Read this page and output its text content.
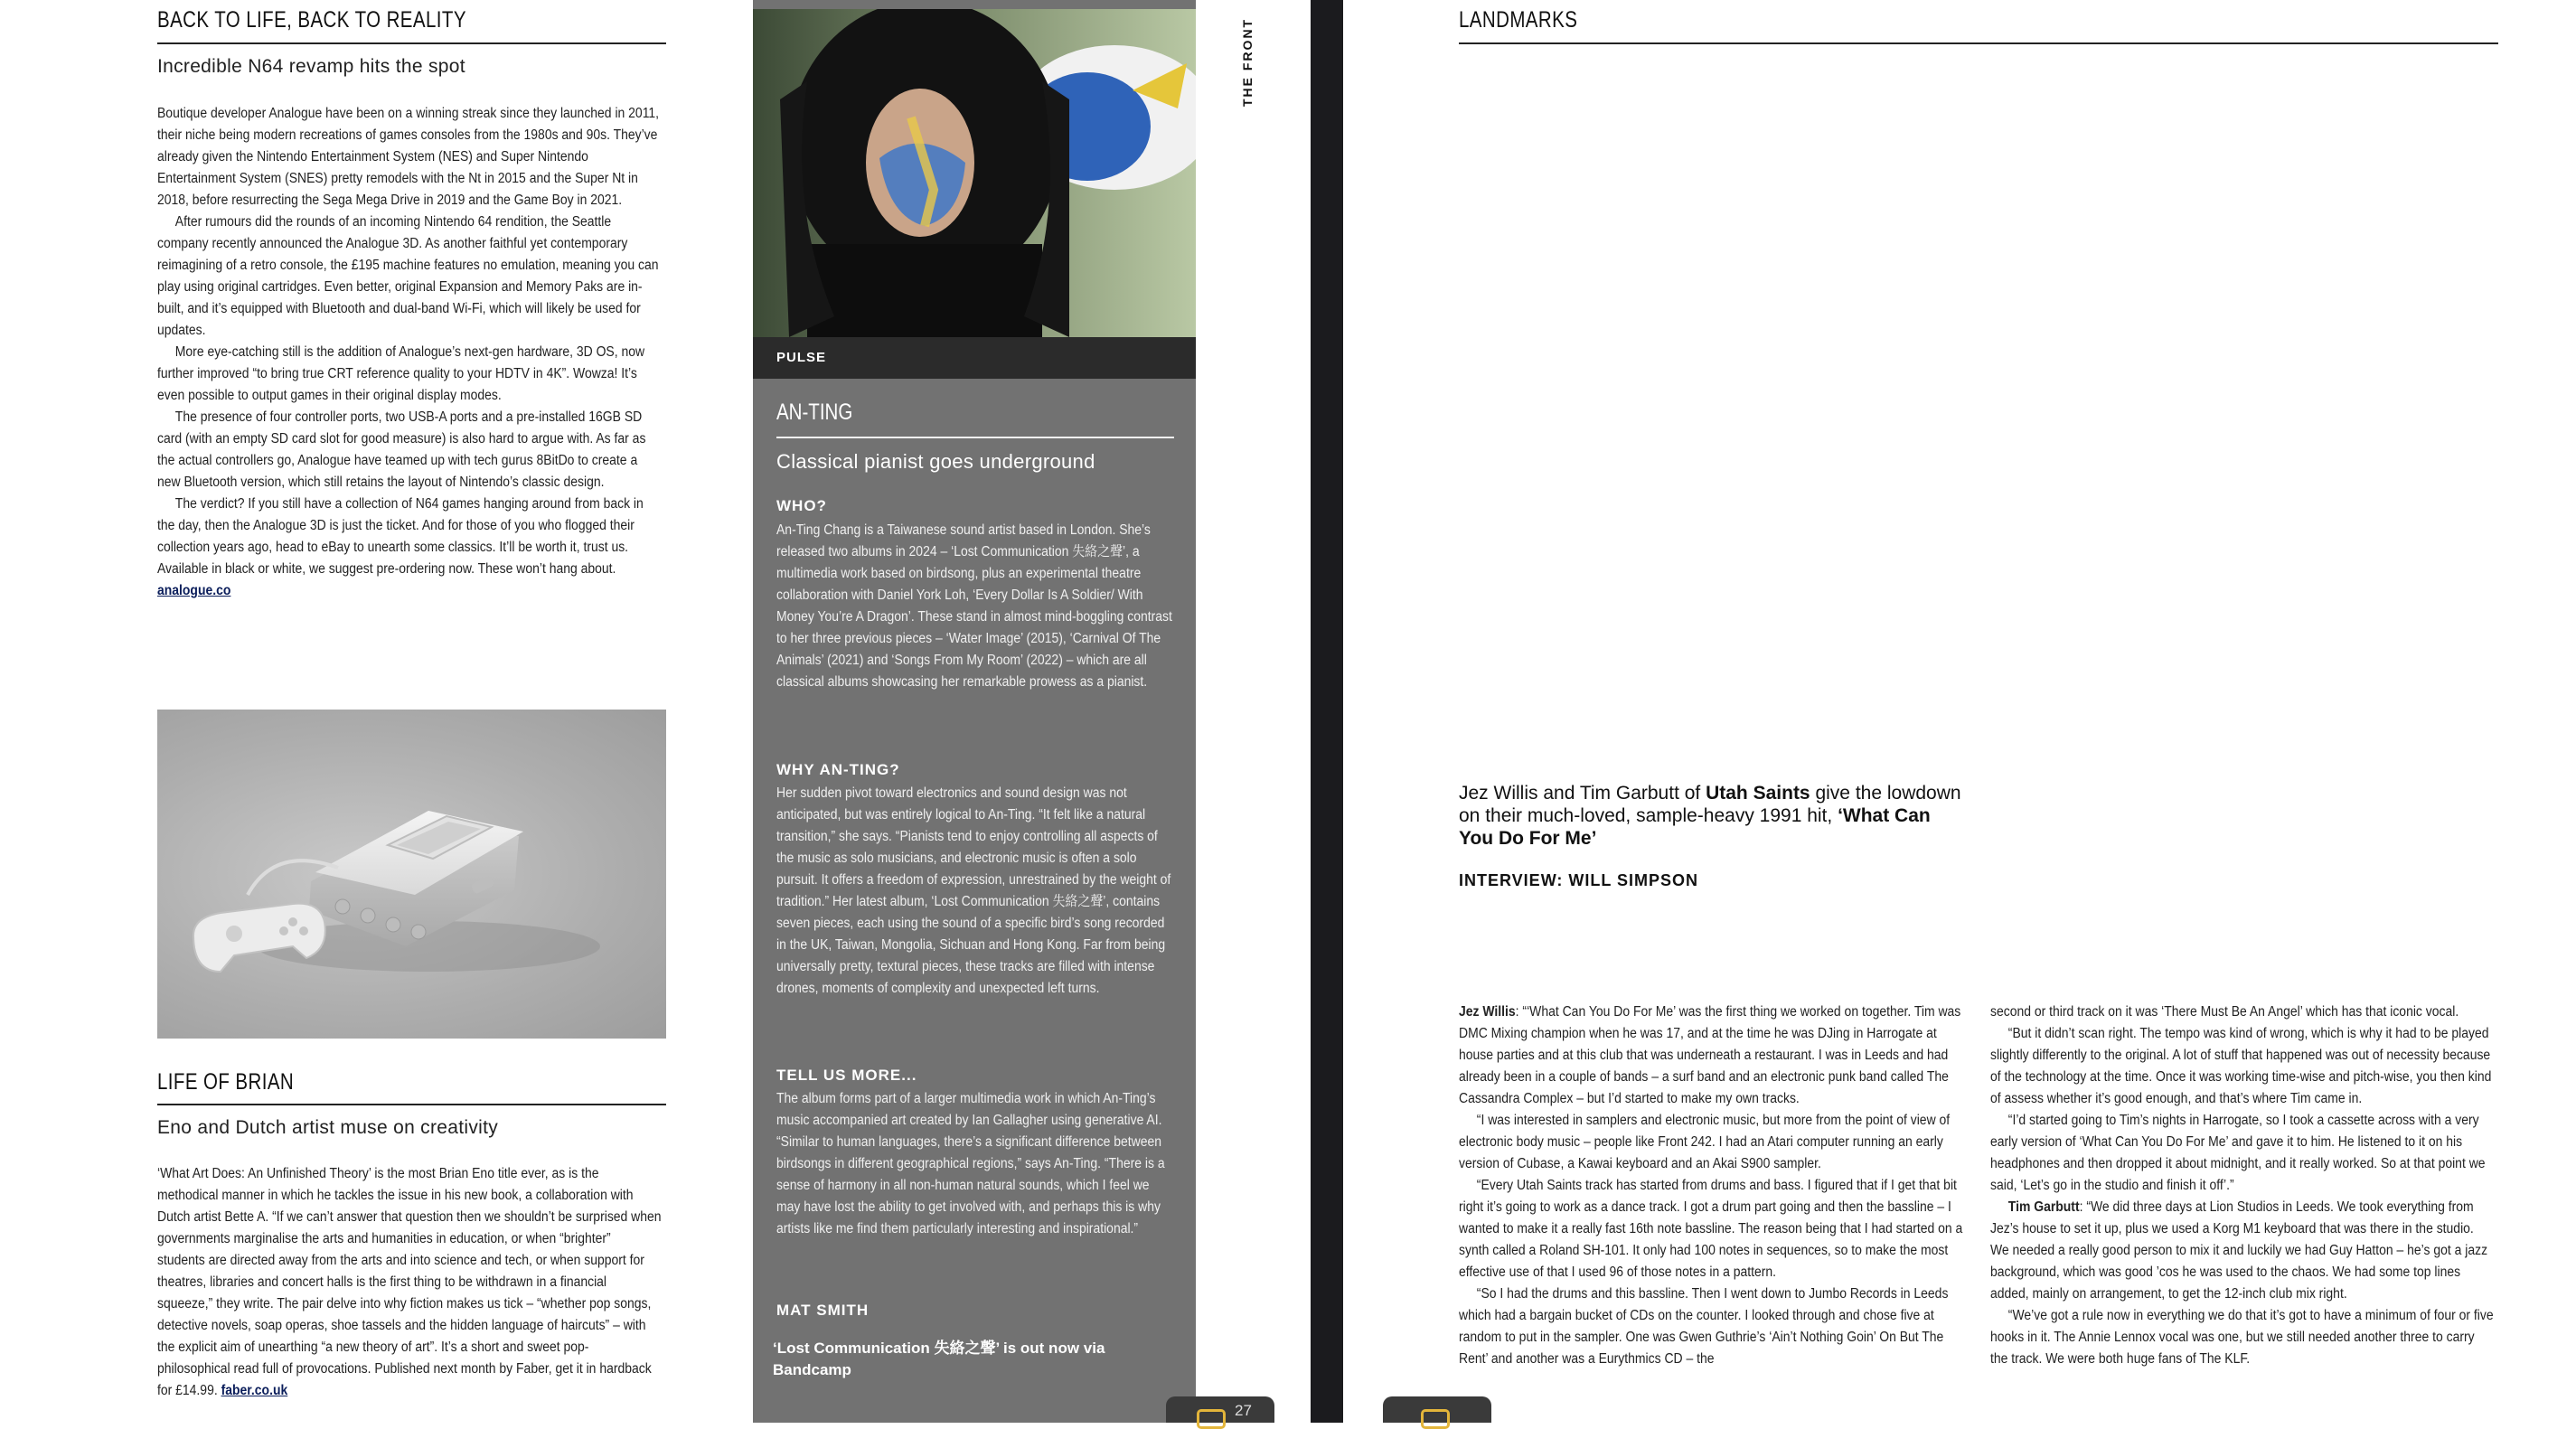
BACK TO LIFE, BACK TO REALITY
Incredible N64 revamp hits the spot

Boutique developer Analogue have been on a winning streak since they launched in 2011, their niche being modern recreations of games consoles from the 1980s and 90s. They’ve already given the Nintendo Entertainment System (NES) and Super Nintendo Entertainment System (SNES) pretty remodels with the Nt in 2015 and the Super Nt in 2018, before resurrecting the Sega Mega Drive in 2019 and the Game Boy in 2021.

After rumours did the rounds of an incoming Nintendo 64 rendition, the Seattle company recently announced the Analogue 3D. As another faithful yet contemporary reimagining of a retro console, the £195 machine features no emulation, meaning you can play using original cartridges. Even better, original Expansion and Memory Paks are in-built, and it’s equipped with Bluetooth and dual-band Wi-Fi, which will likely be used for updates.

More eye-catching still is the addition of Analogue’s next-gen hardware, 3D OS, now further improved “to bring true CRT reference quality to your HDTV in 4K”. Wowza! It’s even possible to output games in their original display modes.

The presence of four controller ports, two USB-A ports and a pre-installed 16GB SD card (with an empty SD card slot for good measure) is also hard to argue with. As far as the actual controllers go, Analogue have teamed up with tech gurus 8BitDo to create a new Bluetooth version, which still retains the layout of Nintendo’s classic design.

The verdict? If you still have a collection of N64 games hanging around from back in the day, then the Analogue 3D is just the ticket. And for those of you who flogged their collection years ago, head to eBay to unearth some classics. It’ll be worth it, trust us. Available in black or white, we suggest pre-ordering now. These won’t hang about. analogue.co

LIFE OF BRIAN
Eno and Dutch artist muse on creativity

‘What Art Does: An Unfinished Theory’ is the most Brian Eno title ever, as is the methodical manner in which he tackles the issue in his new book, a collaboration with Dutch artist Bette A. “If we can’t answer that question then we shouldn’t be surprised when governments marginalise the arts and humanities in education, or when “brighter” students are directed away from the arts and into science and tech, or when support for theatres, libraries and concert halls is the first thing to be withdrawn in a financial squeeze,” they write. The pair delve into why fiction makes us tick – “whether pop songs, detective novels, soap operas, shoe tassels and the hidden language of haircuts” – with the explicit aim of unearthing “a new theory of art”. It’s a short and sweet pop-philosophical read full of provocations. Published next month by Faber, get it in hardback for £14.99. faber.co.uk

PULSE
AN-TING
Classical pianist goes underground
WHO?
An-Ting Chang is a Taiwanese sound artist based in London. She’s released two albums in 2024 – ‘Lost Communication 失絡之聲’, a multimedia work based on birdsong, plus an experimental theatre collaboration with Daniel York Loh, ‘Every Dollar Is A Soldier/ With Money You’re A Dragon’. These stand in almost mind-boggling contrast to her three previous pieces – ‘Water Image’ (2015), ‘Carnival Of The Animals’ (2021) and ‘Songs From My Room’ (2022) – which are all classical albums showcasing her remarkable prowess as a pianist.
WHY AN-TING?
Her sudden pivot toward electronics and sound design was not anticipated, but was entirely logical to An-Ting. “It felt like a natural transition,” she says. “Pianists tend to enjoy controlling all aspects of the music as solo musicians, and electronic music is often a solo pursuit. It offers a freedom of expression, unrestrained by the weight of tradition.” Her latest album, ‘Lost Communication 失絡之聲’, contains seven pieces, each using the sound of a specific bird’s song recorded in the UK, Taiwan, Mongolia, Sichuan and Hong Kong. Far from being universally pretty, textural pieces, these tracks are filled with intense drones, moments of complexity and unexpected left turns.
TELL US MORE...
The album forms part of a larger multimedia work in which An-Ting’s music accompanied art created by Ian Gallagher using generative AI. “Similar to human languages, there’s a significant difference between birdsongs in different geographical regions,” says An-Ting. “There is a sense of harmony in all non-human natural sounds, which I feel we may have lost the ability to get involved with, and perhaps this is why artists like me find them particularly interesting and inspirational.”
MAT SMITH
‘Lost Communication 失絡之聲’ is out now via Bandcamp
THE FRONT
27
LANDMARKS
Jez Willis and Tim Garbutt of Utah Saints give the lowdown on their much-loved, sample-heavy 1991 hit, ‘What Can You Do For Me’
INTERVIEW: WILL SIMPSON

Jez Willis: “‘What Can You Do For Me’ was the first thing we worked on together. Tim was DMC Mixing champion when he was 17, and at the time he was DJing in Harrogate at house parties and at this club that was underneath a restaurant. I was in Leeds and had already been in a couple of bands – a surf band and an electronic punk band called The Cassandra Complex – but I’d started to make my own tracks.

“I was interested in samplers and electronic music, but more from the point of view of electronic body music – people like Front 242. I had an Atari computer running an early version of Cubase, a Kawai keyboard and an Akai S900 sampler.

“Every Utah Saints track has started from drums and bass. I figured that if I get that bit right it’s going to work as a dance track. I got a drum part going and then the bassline – I wanted to make it a really fast 16th note bassline. The reason being that I had started on a synth called a Roland SH-101. It only had 100 notes in sequences, so to make the most effective use of that I used 96 of those notes in a pattern.

“So I had the drums and this bassline. Then I went down to Jumbo Records in Leeds which had a bargain bucket of CDs on the counter. I looked through and chose five at random to put in the sampler. One was Gwen Guthrie’s ‘Ain’t Nothing Goin’ On But The Rent’ and another was a Eurythmics CD – the

second or third track on it was ‘There Must Be An Angel’ which has that iconic vocal.

“But it didn’t scan right. The tempo was kind of wrong, which is why it had to be played slightly differently to the original. A lot of stuff that happened was out of necessity because of the technology at the time. Once it was working time-wise and pitch-wise, you then kind of assess whether it’s good enough, and that’s where Tim came in.

“I’d started going to Tim’s nights in Harrogate, so I took a cassette across with a very early version of ‘What Can You Do For Me’ and gave it to him. He listened to it on his headphones and then dropped it about midnight, and it really worked. So at that point we said, ‘Let’s go in the studio and finish it off’.”

Tim Garbutt: “We did three days at Lion Studios in Leeds. We took everything from Jez’s house to set it up, plus we used a Korg M1 keyboard that was there in the studio. We needed a really good person to mix it and luckily we had Guy Hatton – he’s got a jazz background, which was good ’cos he was used to the chaos. We had some top lines added, mainly on arrangement, to get the 12-inch club mix right.

“We’ve got a rule now in everything we do that it’s got to have a minimum of four or five hooks in it. The Annie Lennox vocal was one, but we still needed another three to carry the track. We were both huge fans of The KLF.
